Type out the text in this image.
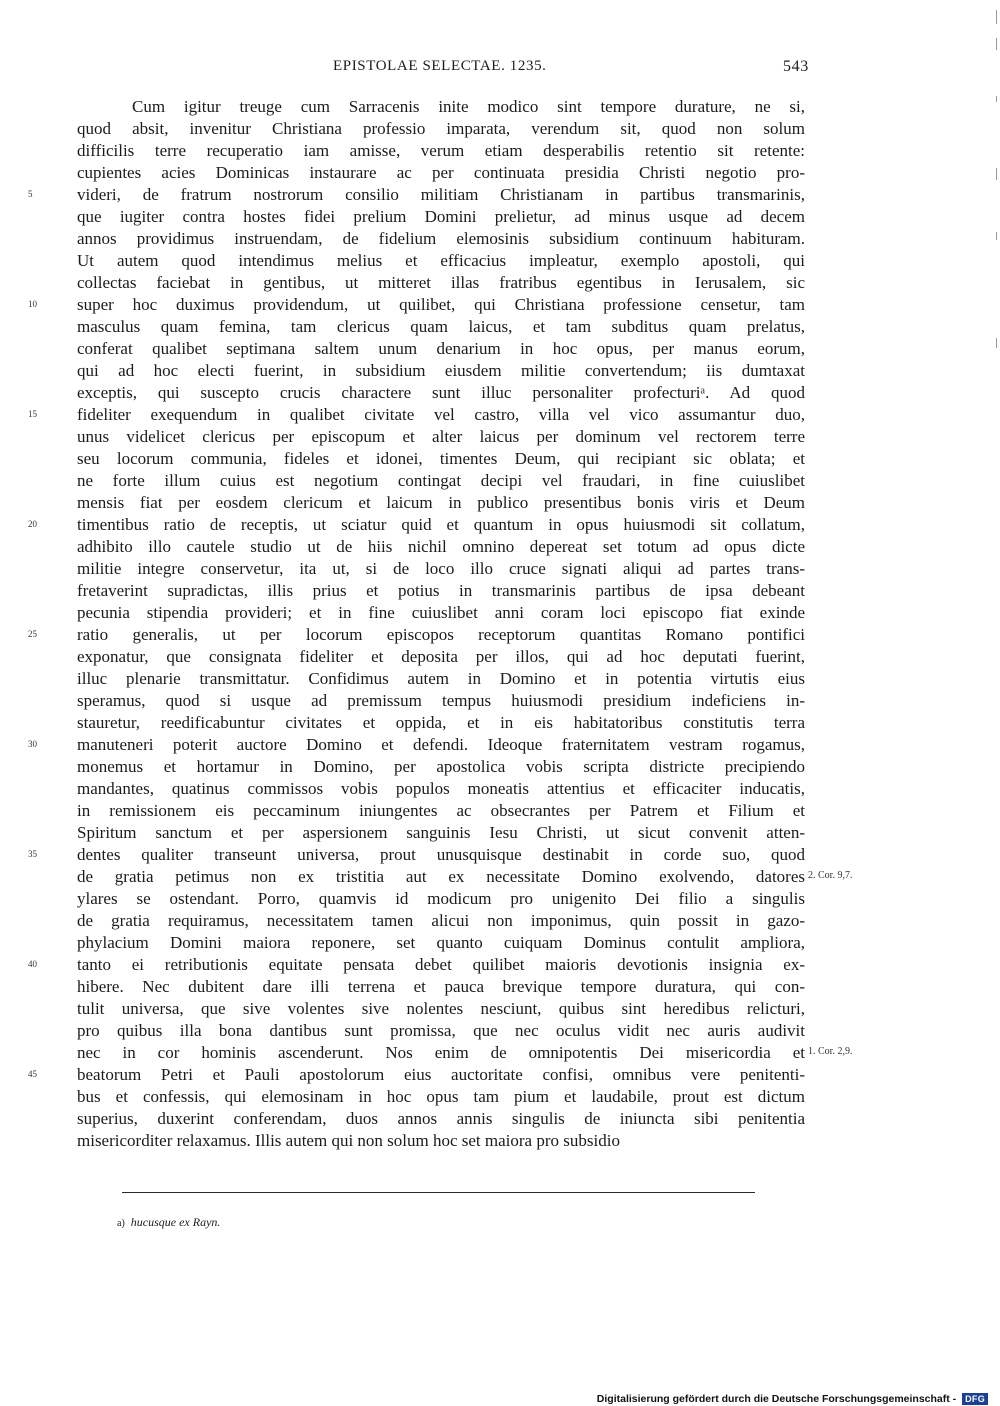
EPISTOLAE SELECTAE. 1235.	543
Cum igitur treuge cum Sarracenis inite modico sint tempore durature, ne si,
quod absit, invenitur Christiana professio imparata, verendum sit, quod non solum
difficilis terre recuperatio iam amisse, verum etiam desperabilis retentio sit retente:
cupientes acies Dominicas instaurare ac per continuata presidia Christi negotio pro-
videri, de fratrum nostrorum consilio militiam Christianam in partibus transmarinis,
que iugiter contra hostes fidei prelium Domini prelietur, ad minus usque ad decem
annos providimus instruendam, de fidelium elemosinis subsidium continuum habituram.
Ut autem quod intendimus melius et efficacius impleatur, exemplo apostoli, qui
collectas faciebat in gentibus, ut mitteret illas fratribus egentibus in Ierusalem, sic
super hoc duximus providendum, ut quilibet, qui Christiana professione censetur, tam
masculus quam femina, tam clericus quam laicus, et tam subditus quam prelatus,
conferat qualibet septimana saltem unum denarium in hoc opus, per manus eorum,
qui ad hoc electi fuerint, in subsidium eiusdem militie convertendum; iis dumtaxat
exceptis, qui suscepto crucis charactere sunt illuc personaliter profecturiᵃ. Ad quod
fideliter exequendum in qualibet civitate vel castro, villa vel vico assumantur duo,
unus videlicet clericus per episcopum et alter laicus per dominum vel rectorem terre
seu locorum communia, fideles et idonei, timentes Deum, qui recipiant sic oblata; et
ne forte illum cuius est negotium contingat decipi vel fraudari, in fine cuiuslibet
mensis fiat per eosdem clericum et laicum in publico presentibus bonis viris et Deum
timentibus ratio de receptis, ut sciatur quid et quantum in opus huiusmodi sit collatum,
adhibito illo cautele studio ut de hiis nichil omnino depereat set totum ad opus dicte
militie integre conservetur, ita ut, si de loco illo cruce signati aliqui ad partes trans-
fretaverint supradictas, illis prius et potius in transmarinis partibus de ipsa debeant
pecunia stipendia provideri; et in fine cuiuslibet anni coram loci episcopo fiat exinde
ratio generalis, ut per locorum episcopos receptorum quantitas Romano pontifici
exponatur, que consignata fideliter et deposita per illos, qui ad hoc deputati fuerint,
illuc plenarie transmittatur. Confidimus autem in Domino et in potentia virtutis eius
speramus, quod si usque ad premissum tempus huiusmodi presidium indeficiens in-
stauretur, reedificabuntur civitates et oppida, et in eis habitatoribus constitutis terra
manuteneri poterit auctore Domino et defendi. Ideoque fraternitatem vestram rogamus,
monemus et hortamur in Domino, per apostolica vobis scripta districte precipiendo
mandantes, quatinus commissos vobis populos moneatis attentius et efficaciter inducatis,
in remissionem eis peccaminum iniungentes ac obsecrantes per Patrem et Filium et
Spiritum sanctum et per aspersionem sanguinis Iesu Christi, ut sicut convenit atten-
dentes qualiter transeunt universa, prout unusquisque destinabit in corde suo, quod
de gratia petimus non ex tristitia aut ex necessitate Domino exolvendo, datores
ylares se ostendant. Porro, quamvis id modicum pro unigenito Dei filio a singulis
de gratia requiramus, necessitatem tamen alicui non imponimus, quin possit in gazo-
phylacium Domini maiora reponere, set quanto cuiquam Dominus contulit ampliora,
tanto ei retributionis equitate pensata debet quilibet maioris devotionis insignia ex-
hibere. Nec dubitent dare illi terrena et pauca brevique tempore duratura, qui con-
tulit universa, que sive volentes sive nolentes nesciunt, quibus sint heredibus relicturi,
pro quibus illa bona dantibus sunt promissa, que nec oculus vidit nec auris audivit
nec in cor hominis ascenderunt. Nos enim de omnipotentis Dei misericordia et
beatorum Petri et Pauli apostolorum eius auctoritate confisi, omnibus vere penitenti-
bus et confessis, qui elemosinam in hoc opus tam pium et laudabile, prout est dictum
superius, duxerint conferendam, duos annos annis singulis de iniuncta sibi penitentia
misericorditer relaxamus. Illis autem qui non solum hoc set maiora pro subsidio
5
10
15
20
25
30
35
40
45
2. Cor. 9,7.
1. Cor. 2,9.
a) hucusque ex Rayn.
Digitalisierung gefördert durch die Deutsche Forschungsgemeinschaft - DFG
